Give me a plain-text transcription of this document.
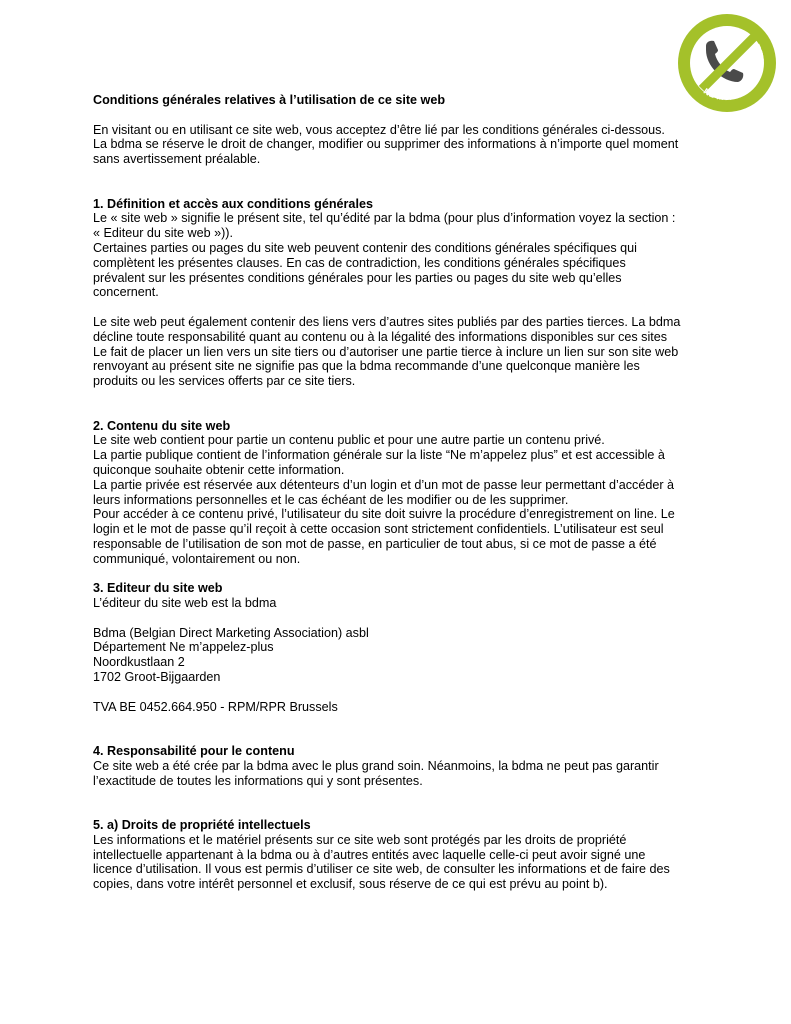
NE-M'APPELEZ-PLUS.BE

Conditions générales relatives à l’utilisation de ce site web

En visitant ou en utilisant ce site web, vous acceptez d’être lié par les conditions générales ci-dessous.
La bdma se réserve le droit de changer, modifier ou supprimer des informations à n’importe quel moment
sans avertissement préalable.

1. Définition et accès aux conditions générales

Le « site web » signifie le présent site, tel qu’édité par la bdma (pour plus d’information voyez la section :
« Editeur du site web »)).
Certaines parties ou pages du site web peuvent contenir des conditions générales spécifiques qui
complètent les présentes clauses. En cas de contradiction, les conditions générales spécifiques
prévalent sur les présentes conditions générales pour les parties ou pages du site web qu’elles
concernent.

Le site web peut également contenir des liens vers d’autres sites publiés par des parties tierces. La bdma
décline toute responsabilité quant au contenu ou à la légalité des informations disponibles sur ces sites
Le fait de placer un lien vers un site tiers ou d’autoriser une partie tierce à inclure un lien sur son site web
renvoyant au présent site ne signifie pas que la bdma recommande d’une quelconque manière les
produits ou les services offerts par ce site tiers.

2. Contenu du site web

Le site web contient pour partie un contenu public et pour une autre partie un contenu privé.
La partie publique contient de l’information générale sur la liste “Ne m’appelez plus” et est accessible à
quiconque souhaite obtenir cette information.
La partie privée est réservée aux détenteurs d’un login et d’un mot de passe leur permettant d’accéder à
leurs informations personnelles et le cas échéant de les modifier ou de les supprimer.
Pour accéder à ce contenu privé, l’utilisateur du site doit suivre la procédure d’enregistrement on line. Le
login et le mot de passe qu’il reçoit à cette occasion sont strictement confidentiels. L’utilisateur est seul
responsable de l’utilisation de son mot de passe, en particulier de tout abus, si ce mot de passe a été
communiqué, volontairement ou non.

3. Editeur du site web

L’éditeur du site web est la bdma

Bdma (Belgian Direct Marketing Association) asbl
Département Ne m’appelez-plus
Noordkustlaan 2
1702 Groot-Bijgaarden

TVA BE 0452.664.950 - RPM/RPR Brussels

4. Responsabilité pour le contenu

Ce site web a été crée par la bdma avec le plus grand soin. Néanmoins, la bdma ne peut pas garantir
l’exactitude de toutes les informations qui y sont présentes.

5. a) Droits de propriété intellectuels

Les informations et le matériel présents sur ce site web sont protégés par les droits de propriété
intellectuelle appartenant à la bdma ou à d’autres entités avec laquelle celle-ci peut avoir signé une
licence d’utilisation. Il vous est permis d’utiliser ce site web, de consulter les informations et de faire des
copies, dans votre intérêt personnel et exclusif, sous réserve de ce qui est prévu au point b).
